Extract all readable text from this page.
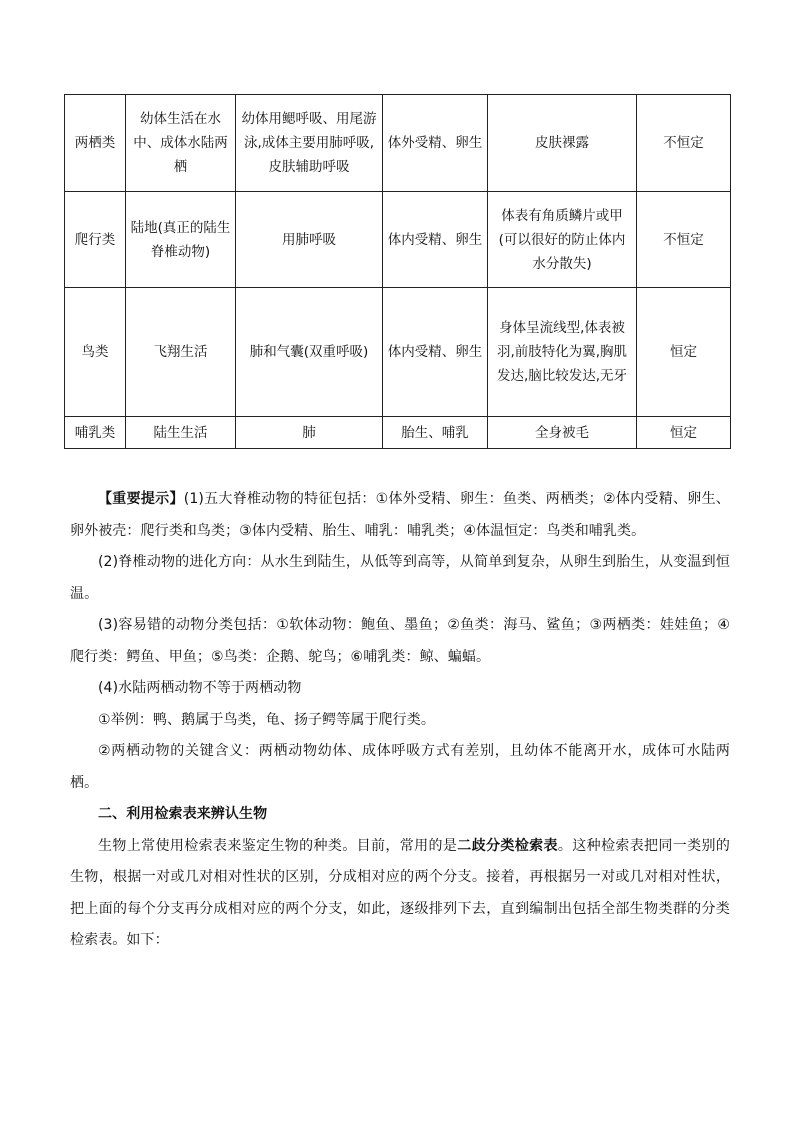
两栖类	幼体生活在水中、成体水陆两栖	幼体用鳃呼吸、用尾游泳,成体主要用肺呼吸,皮肤辅助呼吸	体外受精、卵生	皮肤裸露	不恒定
爬行类	陆地(真正的陆生脊椎动物)	用肺呼吸	体内受精、卵生	体表有角质鳞片或甲(可以很好的防止体内水分散失)	不恒定
鸟类	飞翔生活	肺和气囊(双重呼吸)	体内受精、卵生	身体呈流线型,体表被羽,前肢特化为翼,胸肌发达,脑比较发达,无牙	恒定
哺乳类	陆生生活	肺	胎生、哺乳	全身被毛	恒定

【重要提示】(1)五大脊椎动物的特征包括：①体外受精、卵生：鱼类、两栖类；②体内受精、卵生、卵外被壳：爬行类和鸟类；③体内受精、胎生、哺乳：哺乳类；④体温恒定：鸟类和哺乳类。

(2)脊椎动物的进化方向：从水生到陆生，从低等到高等，从简单到复杂，从卵生到胎生，从变温到恒温。

(3)容易错的动物分类包括：①软体动物：鲍鱼、墨鱼；②鱼类：海马、鲨鱼；③两栖类：娃娃鱼；④爬行类：鳄鱼、甲鱼；⑤鸟类：企鹅、鸵鸟；⑥哺乳类：鲸、蝙蝠。

(4)水陆两栖动物不等于两栖动物

①举例：鸭、鹅属于鸟类，龟、扬子鳄等属于爬行类。

②两栖动物的关键含义：两栖动物幼体、成体呼吸方式有差别，且幼体不能离开水，成体可水陆两栖。

二、利用检索表来辨认生物

生物上常使用检索表来鉴定生物的种类。目前，常用的是二歧分类检索表。这种检索表把同一类别的生物，根据一对或几对相对性状的区别，分成相对应的两个分支。接着，再根据另一对或几对相对性状，把上面的每个分支再分成相对应的两个分支，如此，逐级排列下去，直到编制出包括全部生物类群的分类检索表。如下：
